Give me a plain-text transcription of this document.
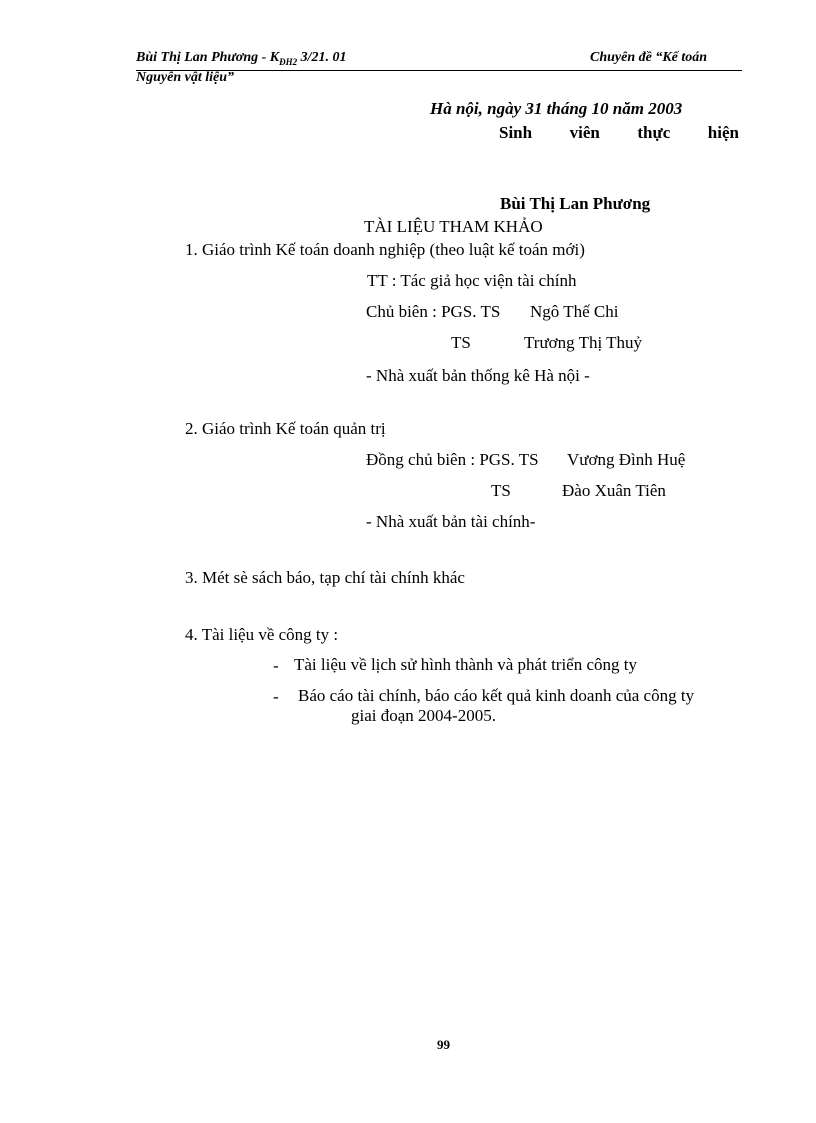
Bùi Thị Lan Phương - $K_{ĐH2}$ 3/21. 01	Chuyên đề “Kế toán
Nguyên vật liệu”
Hà nội, ngày 31 tháng 10 năm 2003
Sinh viên thực hiện
Bùi Thị Lan Phương
TÀI LIỆU THAM KHẢO
1. Giáo trình Kế toán doanh nghiệp (theo luật kế toán mới)
TT : Tác giả học viện tài chính
Chủ biên : PGS. TS Ngô Thế Chi
TS	Trương Thị Thuỷ
- Nhà xuất bản thống kê Hà nội -
2. Giáo trình Kế toán quản trị
Đồng chủ biên : PGS. TS Vương Đình Huệ
TS	Đào Xuân Tiên
- Nhà xuất bản tài chính-
3. Mét sè sách báo, tạp chí tài chính khác
4. Tài liệu về công ty :
- Tài liệu về lịch sử hình thành và phát triển công ty
- Báo cáo tài chính, báo cáo kết quả kinh doanh của công ty
giai đoạn 2004-2005.
99
